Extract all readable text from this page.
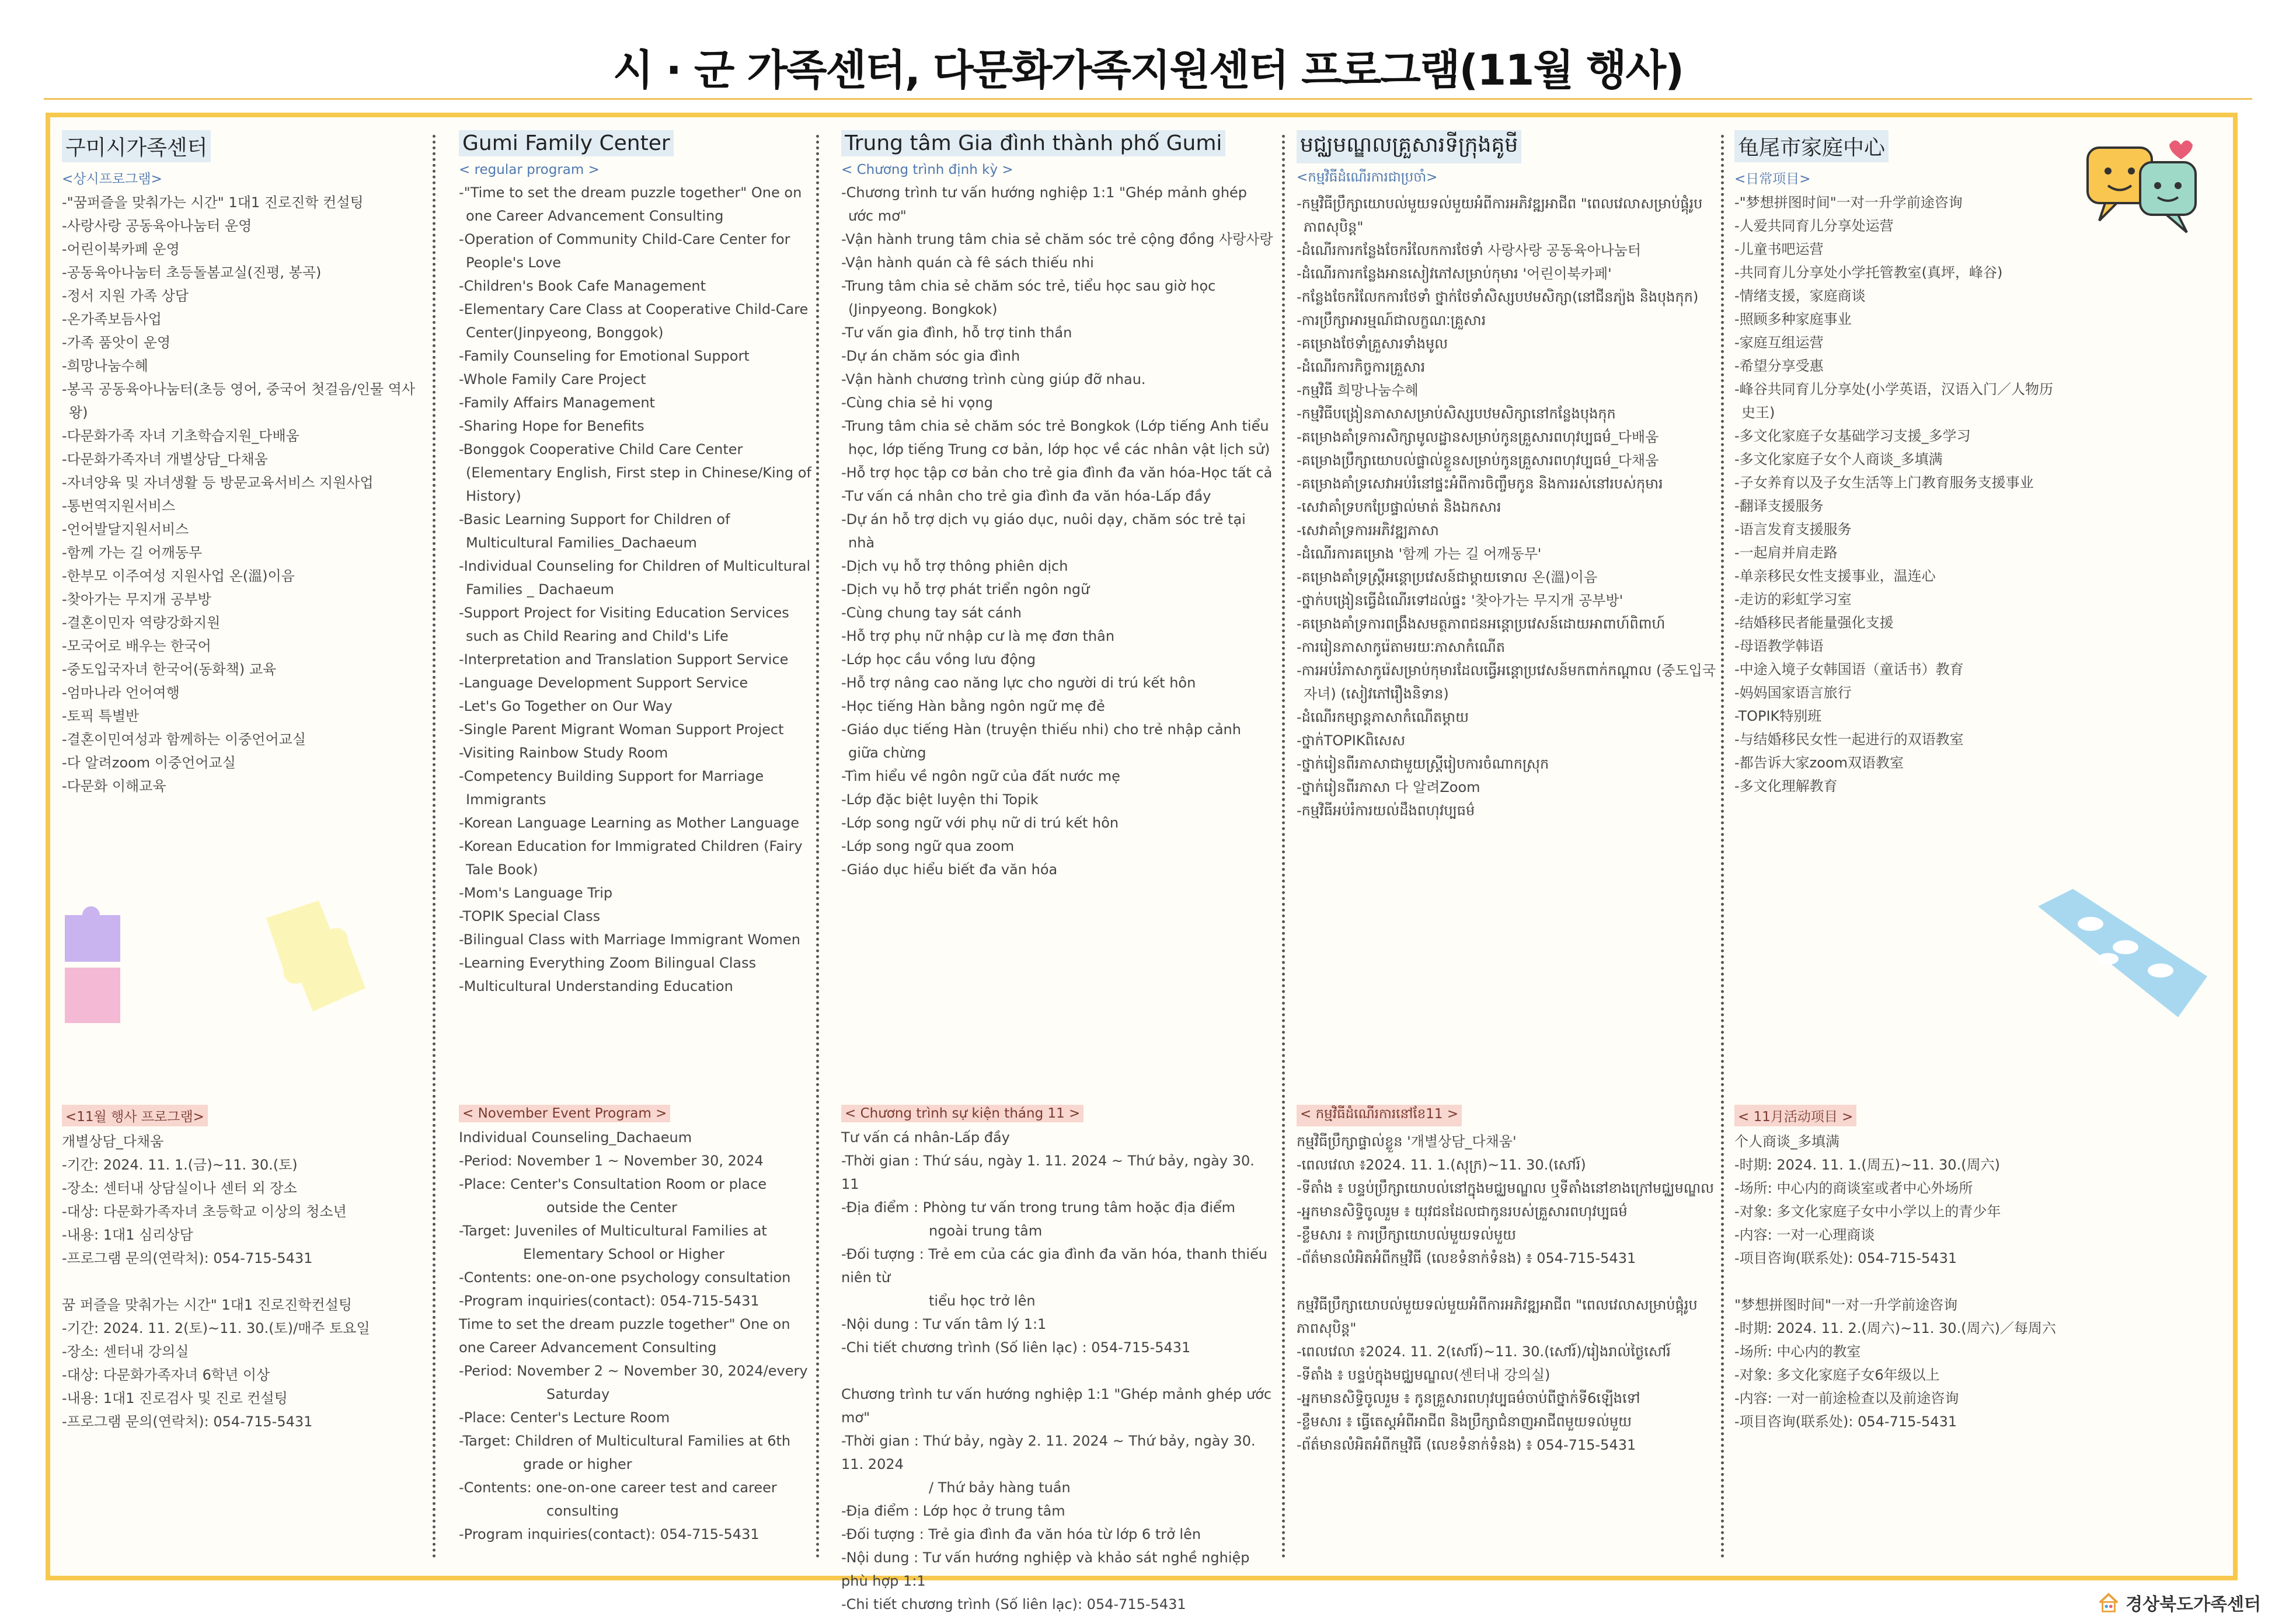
시 · 군 가족센터, 다문화가족지원센터 프로그램(11월 행사)
구미시가족센터
<상시프로그램>
-"꿈퍼즐을 맞춰가는 시간" 1대1 진로진학 컨설팅
-사랑사랑 공동육아나눔터 운영
-어린이북카페 운영
-공동육아나눔터 초등돌봄교실(진평, 봉곡)
-정서 지원 가족 상담
-온가족보듬사업
-가족 품앗이 운영
-희망나눔수혜
-봉곡 공동육아나눔터(초등 영어, 중국어 첫걸음/인물 역사왕)
-다문화가족 자녀 기초학습지원_다배움
-다문화가족자녀 개별상담_다채움
-자녀양육 및 자녀생활 등 방문교육서비스 지원사업
-통번역지원서비스
-언어발달지원서비스
-함께 가는 길 어깨동무
-한부모 이주여성 지원사업 온(溫)이음
-찾아가는 무지개 공부방
-결혼이민자 역량강화지원
-모국어로 배우는 한국어
-중도입국자녀 한국어(동화책) 교육
-엄마나라 언어여행
-토픽 특별반
-결혼이민여성과 함께하는 이중언어교실
-다 알려zoom 이중언어교실
-다문화 이해교육
<11월 행사 프로그램>
개별상담_다채움
-기간: 2024. 11. 1.(금)~11. 30.(토)
-장소: 센터내 상담실이나 센터 외 장소
-대상: 다문화가족자녀 초등학교 이상의 청소년
-내용: 1대1 심리상담
-프로그램 문의(연락처): 054-715-5431
꿈 퍼즐을 맞춰가는 시간" 1대1 진로진학컨설팅
-기간: 2024. 11. 2(토)~11. 30.(토)/매주 토요일
-장소: 센터내 강의실
-대상: 다문화가족자녀 6학년 이상
-내용: 1대1 진로검사 및 진로 컨설팅
-프로그램 문의(연락처): 054-715-5431
Gumi Family Center
< regular program >
-"Time to set the dream puzzle together" One on one Career Advancement Consulting
-Operation of Community Child-Care Center for People's Love
-Children's Book Cafe Management
-Elementary Care Class at Cooperative Child-Care Center(Jinpyeong, Bonggok)
-Family Counseling for Emotional Support
-Whole Family Care Project
-Family Affairs Management
-Sharing Hope for Benefits
-Bonggok Cooperative Child Care Center (Elementary English, First step in Chinese/King of History)
-Basic Learning Support for Children of Multicultural Families_Dachaeum
-Individual Counseling for Children of Multicultural Families _ Dachaeum
-Support Project for Visiting Education Services such as Child Rearing and Child's Life
-Interpretation and Translation Support Service
-Language Development Support Service
-Let's Go Together on Our Way
-Single Parent Migrant Woman Support Project
-Visiting Rainbow Study Room
-Competency Building Support for Marriage Immigrants
-Korean Language Learning as Mother Language
-Korean Education for Immigrated Children (Fairy Tale Book)
-Mom's Language Trip
-TOPIK Special Class
-Bilingual Class with Marriage Immigrant Women
-Learning Everything Zoom Bilingual Class
-Multicultural Understanding Education
< November Event Program >
Individual Counseling_Dachaeum
-Period: November 1 ~ November 30, 2024
-Place: Center's Consultation Room or place
outside the Center
-Target: Juveniles of Multicultural Families at
Elementary School or Higher
-Contents: one-on-one psychology consultation
-Program inquiries(contact): 054-715-5431
Time to set the dream puzzle together" One on
one Career Advancement Consulting
-Period: November 2 ~ November 30, 2024/every
Saturday
-Place: Center's Lecture Room
-Target: Children of Multicultural Families at 6th
grade or higher
-Contents: one-on-one career test and career
consulting
-Program inquiries(contact): 054-715-5431
Trung tâm Gia đình thành phố Gumi
< Chương trình định kỳ >
-Chương trình tư vấn hướng nghiệp 1:1 "Ghép mảnh ghép ước mơ"
-Vận hành trung tâm chia sẻ chăm sóc trẻ cộng đồng 사랑사랑
-Vận hành quán cà fê sách thiếu nhi
-Trung tâm chia sẻ chăm sóc trẻ, tiểu học sau giờ học (Jinpyeong. Bongkok)
-Tư vấn gia đình, hỗ trợ tinh thần
-Dự án chăm sóc gia đình
-Vận hành chương trình cùng giúp đỡ nhau.
-Cùng chia sẻ hi vọng
-Trung tâm chia sẻ chăm sóc trẻ Bongkok (Lớp tiếng Anh tiểu học, lớp tiếng Trung cơ bản, lớp học về các nhân vật lịch sử)
-Hỗ trợ học tập cơ bản cho trẻ gia đình đa văn hóa-Học tất cả
-Tư vấn cá nhân cho trẻ gia đình đa văn hóa-Lấp đầy
-Dự án hỗ trợ dịch vụ giáo dục, nuôi dạy, chăm sóc trẻ tại nhà
-Dịch vụ hỗ trợ thông phiên dịch
-Dịch vụ hỗ trợ phát triển ngôn ngữ
-Cùng chung tay sát cánh
-Hỗ trợ phụ nữ nhập cư là mẹ đơn thân
-Lớp học cầu vồng lưu động
-Hỗ trợ nâng cao năng lực cho người di trú kết hôn
-Học tiếng Hàn bằng ngôn ngữ mẹ đẻ
-Giáo dục tiếng Hàn (truyện thiếu nhi) cho trẻ nhập cảnh giữa chừng
-Tìm hiểu về ngôn ngữ của đất nước mẹ
-Lớp đặc biệt luyện thi Topik
-Lớp song ngữ với phụ nữ di trú kết hôn
-Lớp song ngữ qua zoom
-Giáo dục hiểu biết đa văn hóa
< Chương trình sự kiện tháng 11 >
Tư vấn cá nhân-Lấp đầy
-Thời gian : Thứ sáu, ngày 1. 11. 2024 ~ Thứ bảy, ngày 30. 11
-Địa điểm : Phòng tư vấn trong trung tâm hoặc địa điểm
ngoài trung tâm
-Đối tượng : Trẻ em của các gia đình đa văn hóa, thanh thiếu niên từ
tiểu học trở lên
-Nội dung : Tư vấn tâm lý 1:1
-Chi tiết chương trình (Số liên lạc) : 054-715-5431
Chương trình tư vấn hướng nghiệp 1:1 "Ghép mảnh ghép ước mơ"
-Thời gian : Thứ bảy, ngày 2. 11. 2024 ~ Thứ bảy, ngày 30. 11. 2024
/ Thứ bảy hàng tuần
-Địa điểm : Lớp học ở trung tâm
-Đối tượng : Trẻ gia đình đa văn hóa từ lớp 6 trở lên
-Nội dung : Tư vấn hướng nghiệp và khảo sát nghề nghiệp phù hợp 1:1
-Chi tiết chương trình (Số liên lạc): 054-715-5431
មជ្ឈមណ្ឌលគ្រួសារទីក្រុងគូមី
<កម្មវិធីដំណើរការជាប្រចាំ>
-កម្មវិធីប្រឹក្សាយោបល់មួយទល់មួយអំពីការអភិវឌ្ឍអាជីព "ពេលវេលាសម្រាប់ផ្គុំរូបភាពសុបិន្ត"
-ដំណើរការកន្លែងចែករំលែកការថែទាំ 사랑사랑 공동육아나눔터
-ដំណើរការកន្លែងអានសៀវភៅសម្រាប់កុមារ '어린이북카페'
-កន្លែងចែករំលែកការថែទាំ ថ្នាក់ថែទាំសិស្សបឋមសិក្សា(នៅជីនភ្យ៉ង និងបុងកុក)
-ការប្រឹក្សាអារម្មណ៍ជាលក្ខណៈគ្រួសារ
-គម្រោងថែទាំគ្រួសារទាំងមូល
-ដំណើរការកិច្ចការគ្រួសារ
-កម្មវិធី 희망나눔수혜
-កម្មវិធីបង្រៀនភាសាសម្រាប់សិស្សបឋមសិក្សានៅកន្លែងបុងកុក
-គម្រោងគាំទ្រការសិក្សាមូលដ្ឋានសម្រាប់កូនគ្រួសារពហុវប្បធម៌_다배움
-គម្រោងប្រឹក្សាយោបល់ផ្ទាល់ខ្លួនសម្រាប់កូនគ្រួសារពហុវប្បធម៌_다채움
-គម្រោងគាំទ្រសេវាអប់រំនៅផ្ទះអំពីការចិញ្ចឹមកូន និងការរស់នៅរបស់កុមារ
-សេវាគាំទ្របកប្រែផ្ទាល់មាត់ និងឯកសារ
-សេវាគាំទ្រការអភិវឌ្ឍភាសា
-ដំណើរការគម្រោង '함께 가는 길 어깨동무'
-គម្រោងគាំទ្រស្ត្រីអន្តោប្រវេសន៍ជាម្តាយទោល 온(溫)이음
-ថ្នាក់បង្រៀនធ្វើដំណើរទៅដល់ផ្ទះ '찾아가는 무지개 공부방'
-គម្រោងគាំទ្រការពង្រឹងសមត្ថភាពជនអន្តោប្រវេសន៍ដោយអាពាហ៍ពិពាហ៍
-ការរៀនភាសាកូរ៉េតាមរយៈភាសាកំណើត
-ការអប់រំភាសាកូរ៉េសម្រាប់កុមារដែលធ្វើអន្តោប្រវេសន៍មកពាក់កណ្តាល (중도입국자녀) (សៀវភៅរឿងនិទាន)
-ដំណើរកម្សាន្តភាសាកំណើតម្តាយ
-ថ្នាក់TOPIKពិសេស
-ថ្នាក់រៀនពីរភាសាជាមួយស្ត្រីរៀបការចំណាកស្រុក
-ថ្នាក់រៀនពីរភាសា 다 알려Zoom
-កម្មវិធីអប់រំការយល់ដឹងពហុវប្បធម៌
< កម្មវិធីដំណើរការនៅខែ11 >
កម្មវិធីប្រឹក្សាផ្ទាល់ខ្លួន '개별상담_다채움'
-ពេលវេលា ៖2024. 11. 1.(សុក្រ)~11. 30.(សៅរ៍)
-ទីតាំង ៖ បន្ទប់ប្រឹក្សាយោបល់នៅក្នុងមជ្ឈមណ្ឌល ឬទីតាំងនៅខាងក្រៅមជ្ឈមណ្ឌល
-អ្នកមានសិទ្ធិចូលរួម ៖ យុវជនដែលជាកូនរបស់គ្រួសារពហុវប្បធម៌
-ខ្លឹមសារ ៖ ការប្រឹក្សាយោបល់មួយទល់មួយ
-ព័ត៌មានលំអិតអំពីកម្មវិធី (លេខទំនាក់ទំនង) ៖ 054-715-5431
កម្មវិធីប្រឹក្សាយោបល់មួយទល់មួយអំពីការអភិវឌ្ឍអាជីព "ពេលវេលាសម្រាប់ផ្គុំរូបភាពសុបិន្ត"
-ពេលវេលា ៖2024. 11. 2(សៅរ៍)~11. 30.(សៅរ៍)/រៀងរាល់ថ្ងៃសៅរ៍
-ទីតាំង ៖ បន្ទប់ក្នុងមជ្ឈមណ្ឌល(센터내 강의실)
-អ្នកមានសិទ្ធិចូលរួម ៖ កូនគ្រួសារពហុវប្បធម៌ចាប់ពីថ្នាក់ទី6ឡើងទៅ
-ខ្លឹមសារ ៖ ធ្វើតេស្តអំពីអាជីព និងប្រឹក្សាជំនាញអាជីពមួយទល់មួយ
-ព័ត៌មានលំអិតអំពីកម្មវិធី (លេខទំនាក់ទំនង) ៖ 054-715-5431
龟尾市家庭中心
<日常项目>
-"梦想拼图时间"一对一升学前途咨询
-人爱共同育儿分享处运营
-儿童书吧运营
-共同育儿分享处小学托管教室(真坪，峰谷)
-情绪支援，家庭商谈
-照顾多种家庭事业
-家庭互组运营
-希望分享受惠
-峰谷共同育儿分享处(小学英语，汉语入门／人物历史王)
-多文化家庭子女基础学习支援_多学习
-多文化家庭子女个人商谈_多填满
-子女养育以及子女生活等上门教育服务支援事业
-翻译支援服务
-语言发育支援服务
-一起肩并肩走路
-单亲移民女性支援事业，温连心
-走访的彩虹学习室
-结婚移民者能量强化支援
-母语教学韩语
-中途入境子女韩国语（童话书）教育
-妈妈国家语言旅行
-TOPIK特别班
-与结婚移民女性一起进行的双语教室
-都告诉大家zoom双语教室
-多文化理解教育
< 11月活动项目 >
个人商谈_多填满
-时期: 2024. 11. 1.(周五)~11. 30.(周六)
-场所: 中心内的商谈室或者中心外场所
-对象: 多文化家庭子女中小学以上的青少年
-内容: 一对一心理商谈
-项目咨询(联系处): 054-715-5431
"梦想拼图时间"一对一升学前途咨询
-时期: 2024. 11. 2.(周六)~11. 30.(周六)／每周六
-场所: 中心内的教室
-对象: 多文化家庭子女6年级以上
-内容: 一对一前途检查以及前途咨询
-项目咨询(联系处): 054-715-5431
경상북도가족센터
